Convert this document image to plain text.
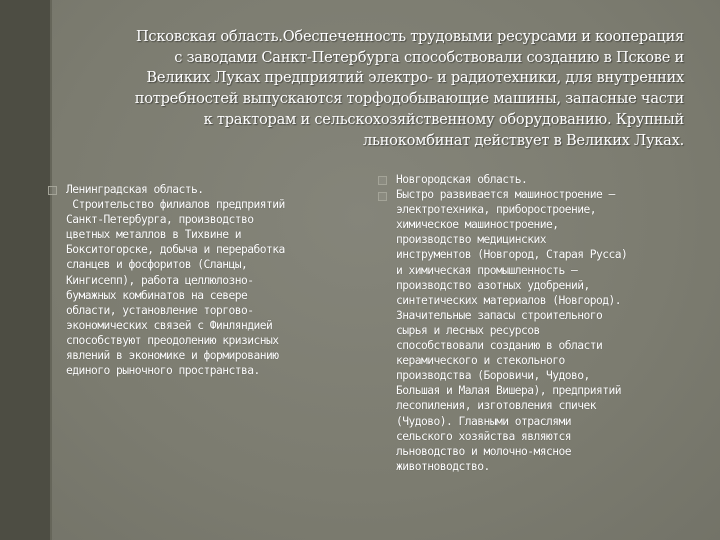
Псковская область.Обеспеченность трудовыми ресурсами и кооперация
с заводами Санкт-Петербурга способствовали созданию в Пскове и
Великих Луках предприятий электро- и радиотехники, для внутренних
потребностей выпускаются торфодобывающие машины, запасные части
к тракторам и сельскохозяйственному оборудованию. Крупный
льнокомбинат действует в Великих Луках.

Ленинградская область.

Строительство филиалов предприятий

Санкт-Петербурга, производство

цветных металлов в Тихвине и

Бокситогорске, добыча и переработка

сланцев и фосфоритов (Сланцы,

Кингисепп), работа целлюлозно-

бумажных комбинатов на севере

области, установление торгово-

экономических связей с Финляндией

способствуют преодолению кризисных

явлений в экономике и формированию

единого рыночного пространства.

Новгородская область.

Быстро развивается машиностроение —

электротехника, приборостроение,

химическое машиностроение,

производство медицинских

инструментов (Новгород, Старая Русса)

и химическая промышленность —

производство азотных удобрений,

синтетических материалов (Новгород).

Значительные запасы строительного

сырья и лесных ресурсов

способствовали созданию в области

керамического и стекольного

производства (Боровичи, Чудово,

Большая и Малая Вишера), предприятий

лесопиления, изготовления спичек

(Чудово). Главными отраслями

сельского хозяйства являются

льноводство и молочно-мясное

животноводство.
